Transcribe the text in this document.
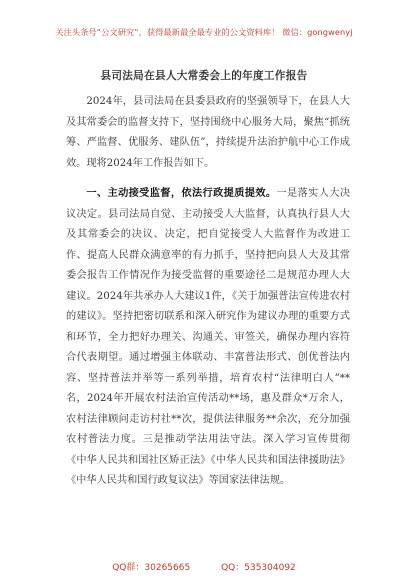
关注头条号“公文研究”，获得最新最全最专业的公文资料库！ 微信：gongwenyj
县司法局在县人大常委会上的年度工作报告

2024年，县司法局在县委县政府的坚强领导下，在县人大及其常委会的监督支持下，坚持围绕中心服务大局，聚焦“抓统筹、严监督、优服务、建队伍”，持续提升法治护航中心工作成效。现将2024年工作报告如下。

一、主动接受监督，依法行政提质提效。一是落实人大决议决定。县司法局自觉、主动接受人大监督，认真执行县人大及其常委会的决议、决定，把自觉接受人大监督作为改进工作、提高人民群众满意率的有力抓手，坚持把向县人大及其常委会报告工作情况作为接受监督的重要途径二是规范办理人大建议。2024年共承办人大建议1件，《关于加强普法宣传进农村的建议》。坚持把密切联系和深入研究作为建议办理的重要方式和环节，全力把好办理关、沟通关、审签关，确保办理内容符合代表期望。通过增强主体联动、丰富普法形式、创优普法内容、坚持普法并举等一系列举措，培育农村“法律明白人”**名，2024年开展农村法治宣传活动**场，惠及群众*万余人，农村法律顾问走访村社**次，提供法律服务**余次，充分加强农村普法力度。三是推动学法用法守法。深入学习宣传贯彻《中华人民共和国社区矫正法》《中华人民共和国法律援助法》《中华人民共和国行政复议法》等国家法律法规。

QQ群：30265665	QQ：535304092
